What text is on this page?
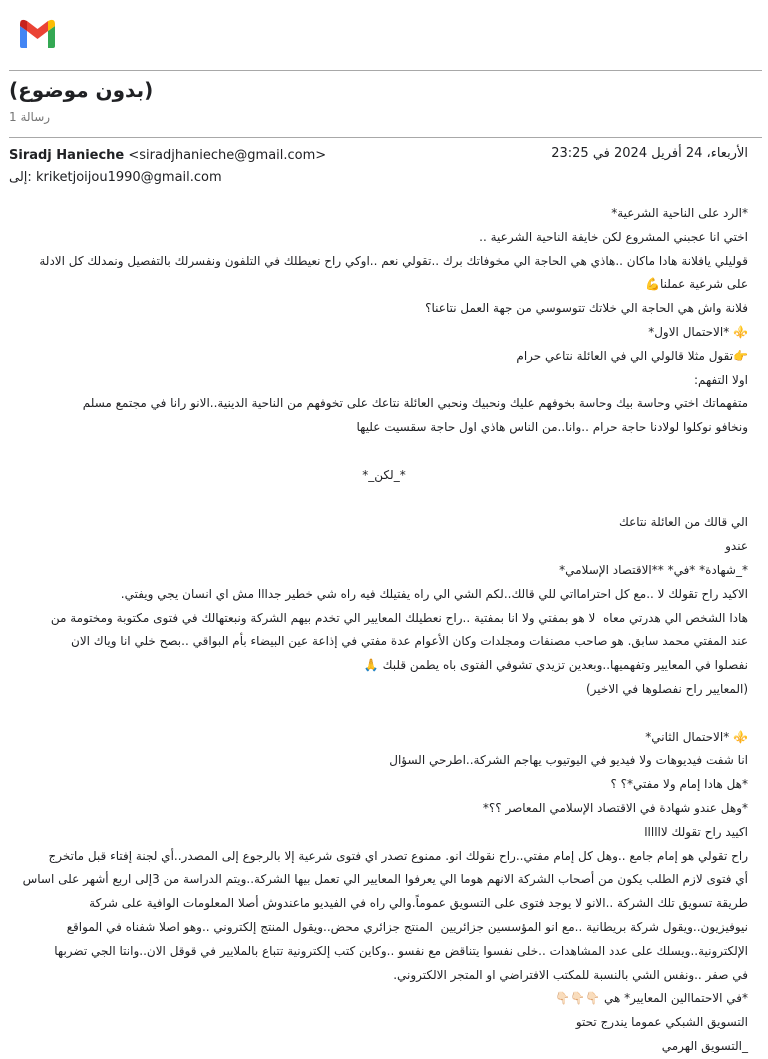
(بدون موضوع)
رسالة 1
Siradj Hanieche <siradjhanieche@gmail.com>	الأربعاء، 24 أفريل 2024 في 23:25
إلى: kriketjoijou1990@gmail.com

*الرد على الناحية الشرعية*

اختي انا عجبني المشروع لكن خايفة الناحية الشرعية ..

قوليلي يافلانة هادا ماكان ..هاذي هي الحاجة الي مخوفاتك برك ..تقولي نعم ..اوكي راح نعيطلك في التلفون ونفسرلك بالتفصيل ونمدلك كل الادلة

على شرعية عملنا💪

فلانة واش هي الحاجة الي خلاتك تتوسوسي من جهة العمل نتاعنا؟

⚜️ *الاحتمال الاول*

👉تقول مثلا قالولي الي في العائلة نتاعي حرام

اولا التفهم:

متفهماتك اختي وحاسة بيك وحاسة بخوفهم عليك ونحبيك ونحبي العائلة نتاعك على تخوفهم من الناحية الدينية..الانو رانا في مجتمع مسلم

ونخافو نوكلوا لولادنا حاجة حرام ..وانا..من الناس هاذي اول حاجة سقسيت عليها

*_لكن_*

الي قالك من العائلة نتاعك

عندو

*_شهادة* *في* **الاقتصاد الإسلامي*

الاكيد راح تقولك لا ..مع كل احترامااتي للي قالك..لكم الشي الي راه يفتيلك فيه راه شي خطير جدااا مش اي انسان يجي ويفتي.

هادا الشخص الي هدرتي معاه  لا هو بمفتي ولا انا بمفتية ..راح نعطيلك المعايير الي تخدم بيهم الشركة ونبعتهالك في فتوى مكتوبة ومختومة من

عند المفتي محمد سابق. هو صاحب مصنفات ومجلدات وكان الأعوام عدة مفتي في إذاعة عين البيضاء بأم البواقي ..بصح خلي انا وياك الان

نفصلوا في المعايير وتفهميها..وبعدين تزيدي تشوفي الفتوى باه يطمن قلبك 🙏

(المعايير راح نفصلوها في الاخير)

⚜️ *الاحتمال الثاني*

انا شفت فيديوهات ولا فيديو في اليوتيوب يهاجم الشركة..اطرحي السؤال

*هل هادا إمام ولا مفتي*؟ ؟

*وهل عندو شهادة في الاقتصاد الإسلامي المعاصر ؟؟*

اكييد راح تقولك لاااااا

راح تقولي هو إمام جامع ..وهل كل إمام مفتي..راح نقولك انو. ممنوع تصدر اي فتوى شرعية إلا بالرجوع إلى المصدر..أي لجنة إفتاء قبل ماتخرج

أي فتوى لازم الطلب يكون من أصحاب الشركة الانهم هوما الي يعرفوا المعايير الي تعمل بيها الشركة..ويتم الدراسة من 3إلى اربع أشهر على اساس

طريقة تسويق تلك الشركة ..الانو لا يوجد فتوى على التسويق عموماً.والي راه في الفيديو ماعندوش أصلا المعلومات الوافية على شركة

نيوفيزيون..ويقول شركة بريطانية ..مع انو المؤسسين جزائريين  المنتج جزائري محض..ويقول المنتج إلكتروني ..وهو اصلا شفناه في المواقع

الإلكترونية..ويسلك على عدد المشاهدات ..خلى نفسوا يتناقض مع نفسو ..وكاين كتب إلكترونية تتباع بالملايير في قوقل الان..وانتا الجي تضربها

في صفر ..ونفس الشي بالنسبة للمكتب الافتراضي او المتجر الالكتروني.

*في الاحتماالين المعايير* هي 👇🏻👇🏻👇🏻

التسويق الشبكي عموما يندرج تحتو

_التسويق الهرمي
